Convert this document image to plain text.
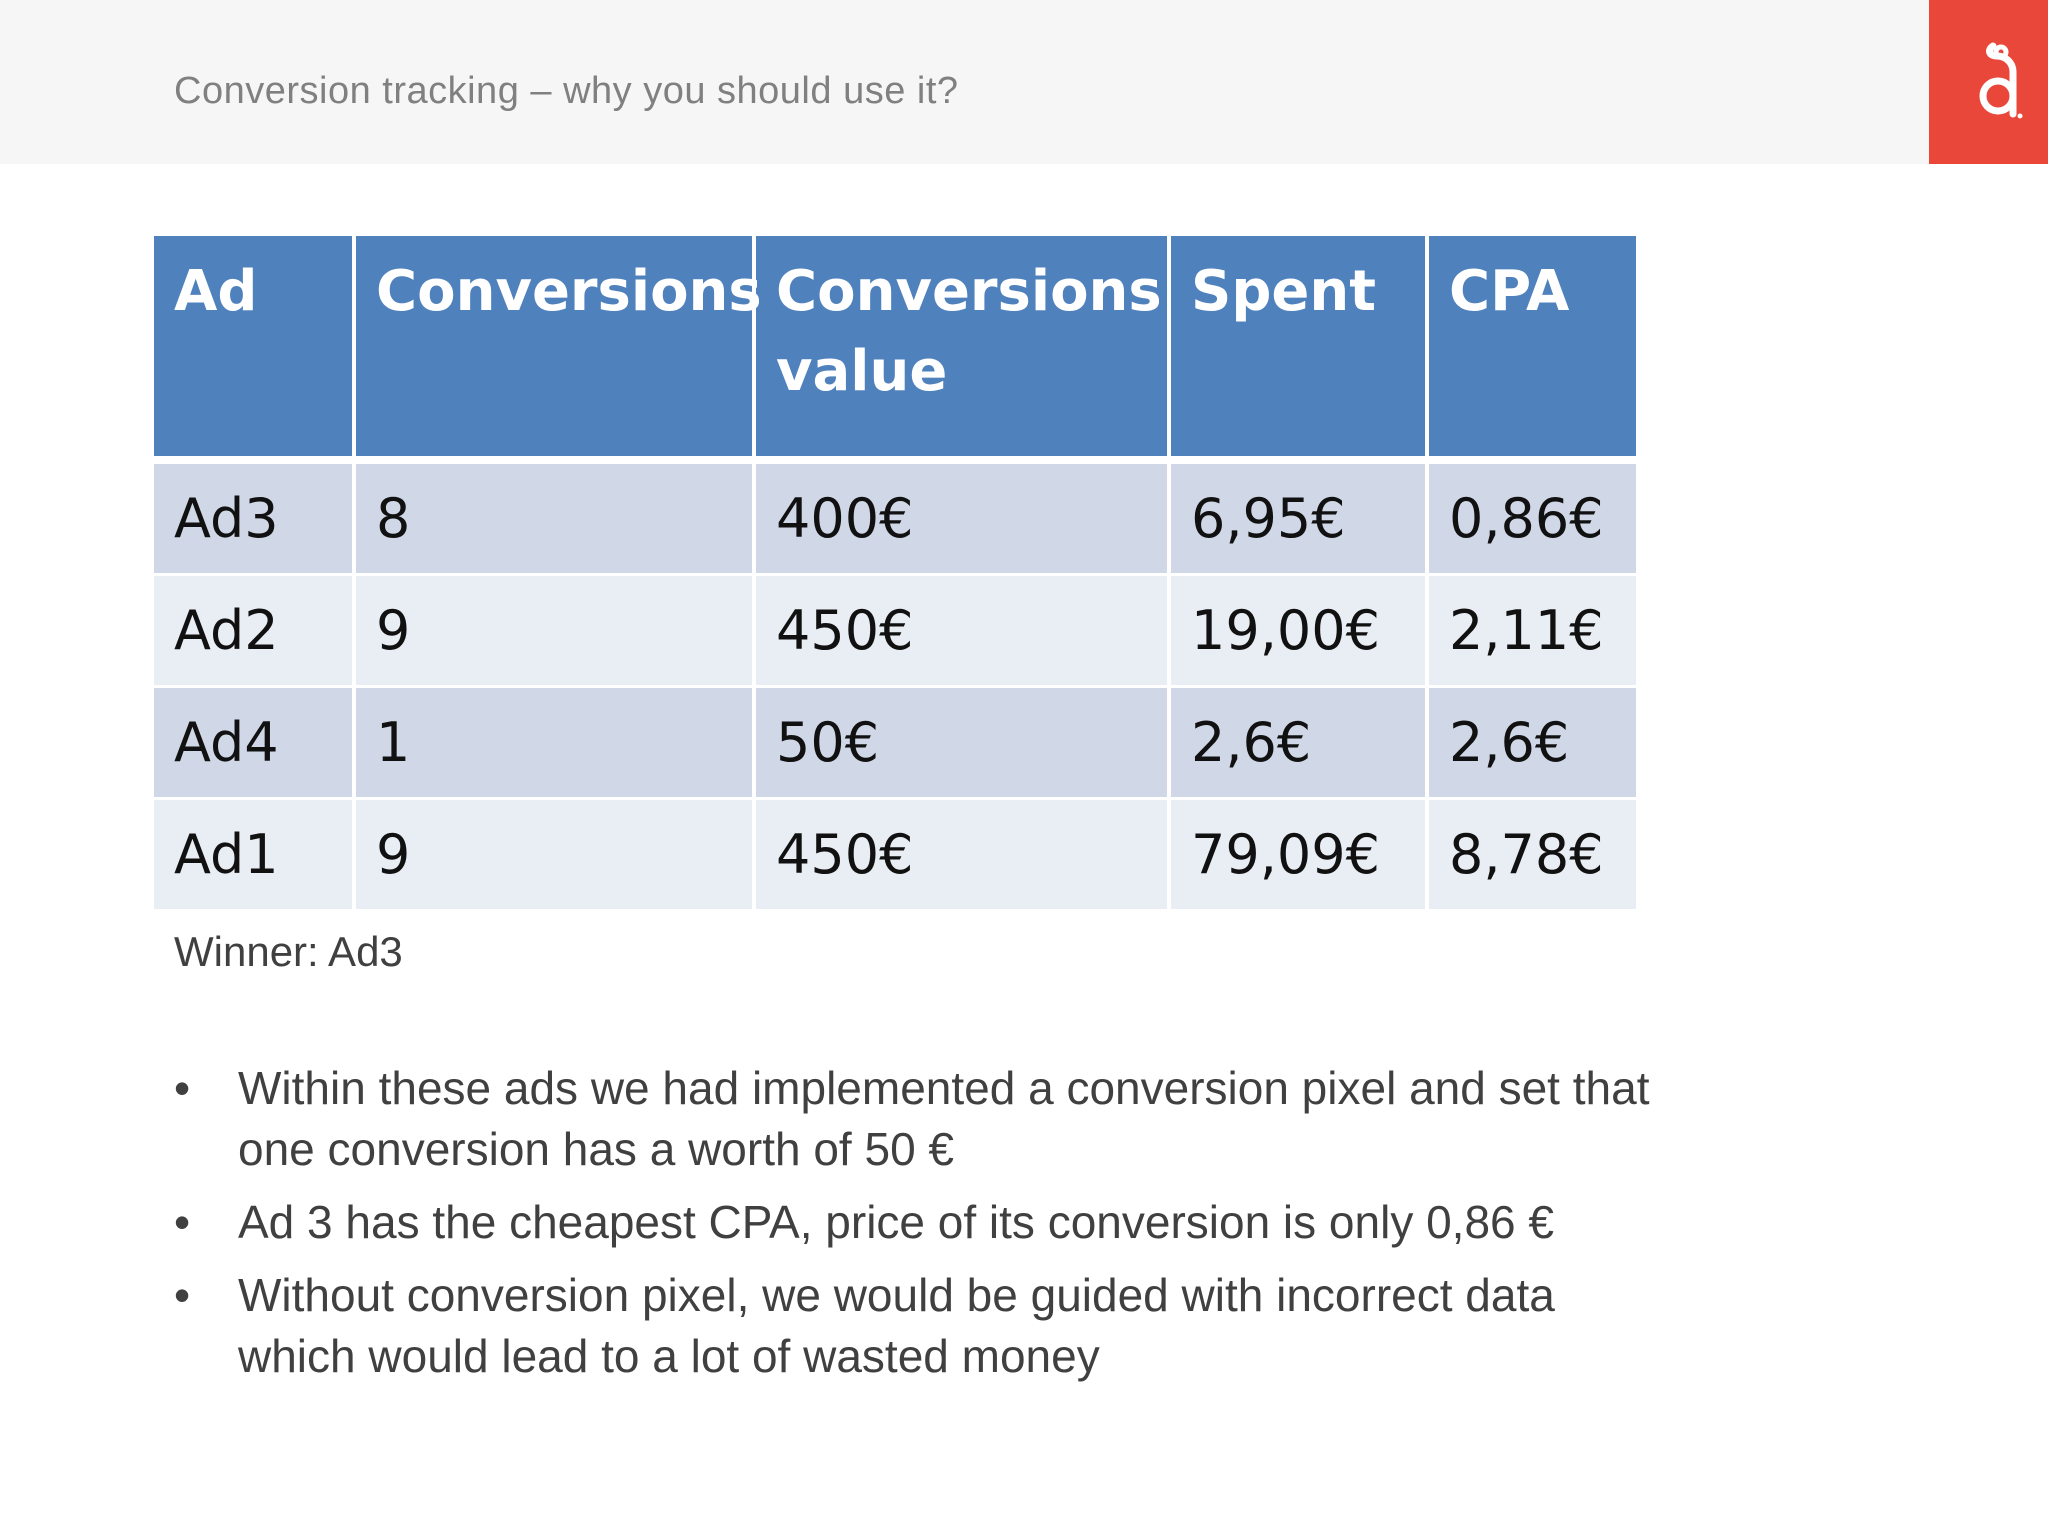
Conversion tracking – why you should use it?
Ad	Conversions	Conversions value	Spent	CPA
Ad3	8	400€	6,95€	0,86€
Ad2	9	450€	19,00€	2,11€
Ad4	1	50€	2,6€	2,6€
Ad1	9	450€	79,09€	8,78€
Winner: Ad3
• Within these ads we had implemented a conversion pixel and set that one conversion has a worth of 50 €
• Ad 3 has the cheapest CPA, price of its conversion is only 0,86 €
• Without conversion pixel, we would be guided with incorrect data which would lead to a lot of wasted money
